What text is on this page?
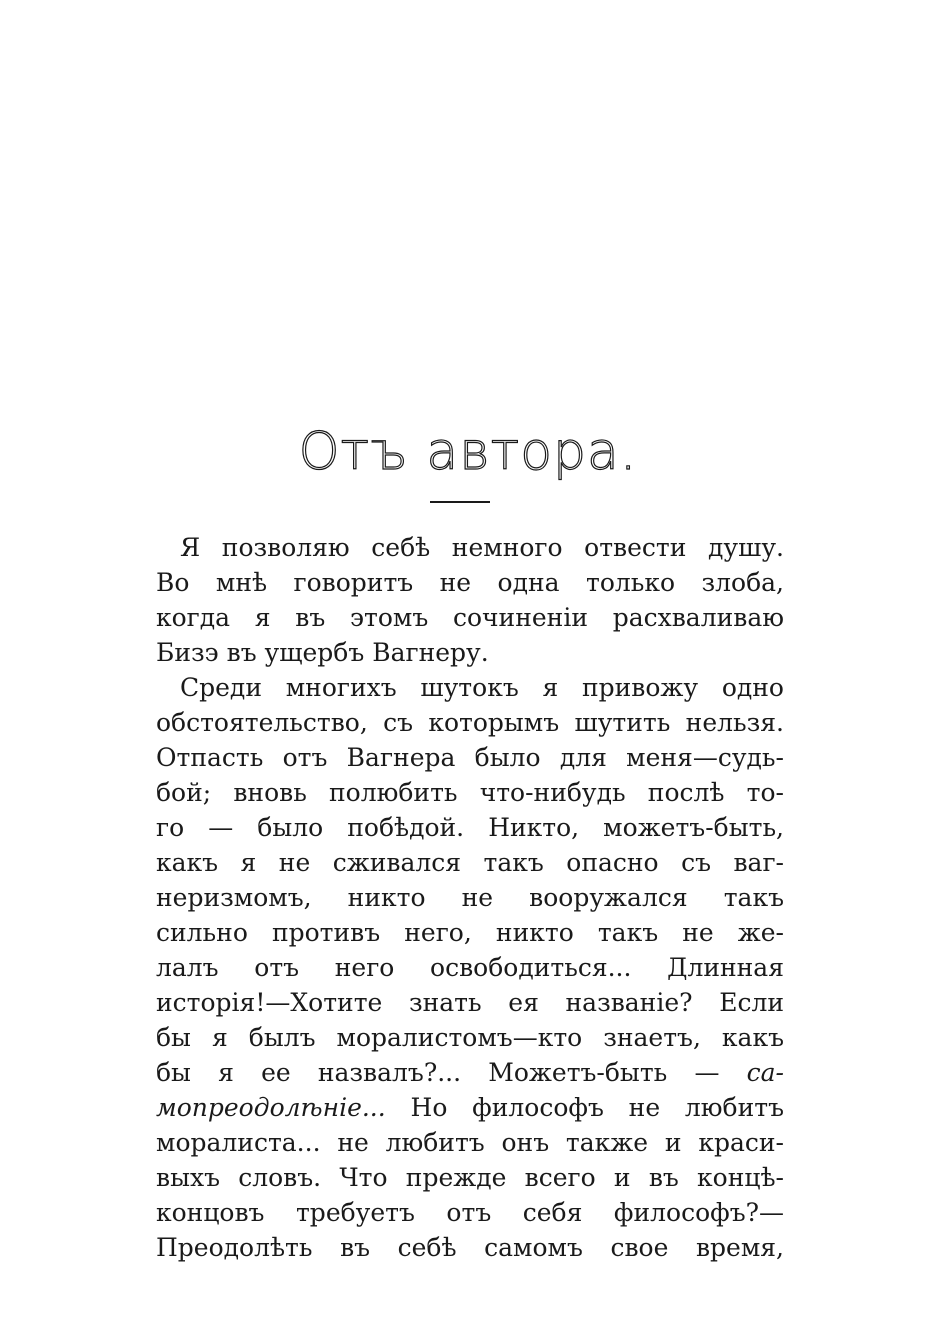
Отъ автора.
Я позволяю себѣ немного отвести душу.
Во мнѣ говоритъ не одна только злоба,
когда я въ этомъ сочиненіи расхваливаю
Бизэ въ ущербъ Вагнеру.
Среди многихъ шутокъ я привожу одно
обстоятельство, съ которымъ шутить нельзя.
Отпасть отъ Вагнера было для меня—судь-
бой; вновь полюбить что-нибудь послѣ то-
го — было побѣдой. Никто, можетъ-быть,
какъ я не сживался такъ опасно съ ваг-
неризмомъ, никто не вооружался такъ
сильно противъ него, никто такъ не же-
лалъ отъ него освободиться... Длинная
исторія!—Хотите знать ея названіе? Если
бы я былъ моралистомъ—кто знаетъ, какъ
бы я ее назвалъ?... Можетъ-быть — са-
мопреодолѣніе... Но философъ не любитъ
моралиста... не любитъ онъ также и краси-
выхъ словъ. Что прежде всего и въ концѣ-
концовъ требуетъ отъ себя философъ?—
Преодолѣть въ себѣ самомъ свое время,
